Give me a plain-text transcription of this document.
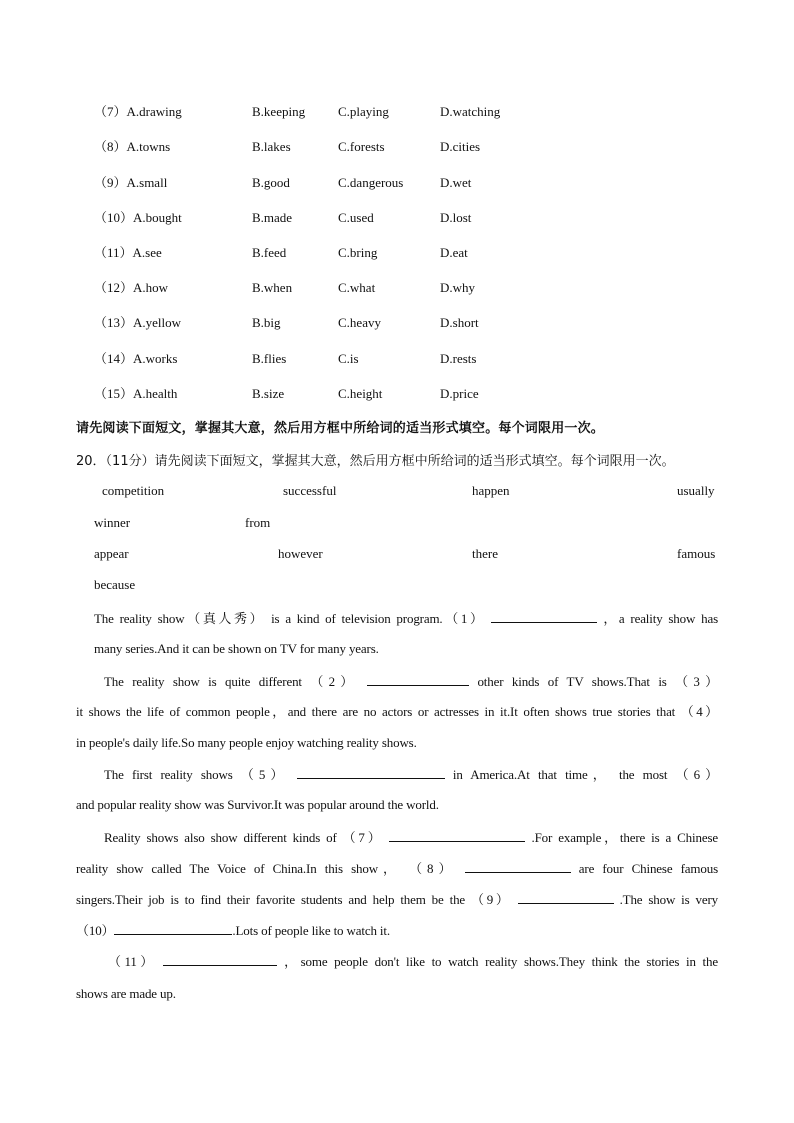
（7）A.drawing	B.keeping	C.playing	D.watching
（8）A.towns	B.lakes	C.forests	D.cities
（9）A.small	B.good	C.dangerous	D.wet
（10）A.bought	B.made	C.used	D.lost
（11）A.see	B.feed	C.bring	D.eat
（12）A.how	B.when	C.what	D.why
（13）A.yellow	B.big	C.heavy	D.short
（14）A.works	B.flies	C.is	D.rests
（15）A.health	B.size	C.height	D.price
请先阅读下面短文，掌握其大意，然后用方框中所给词的适当形式填空。每个词限用一次。
20．（11分）请先阅读下面短文，掌握其大意，然后用方框中所给词的适当形式填空。每个词限用一次。
competition	successful	happen	usually
winner	from
appear	however	there	famous
because
The reality show（真人秀） is a kind of television program.（1）	，a reality show has
many series.And it can be shown on TV for many years.
The reality show is quite different （2）	other kinds of TV shows.That is （3）
it shows the life of common people，and there are no actors or actresses in it.It often shows true stories that （4）
in people's daily life.So many people enjoy watching reality shows.
The first reality shows （5）	in America.At that time， the most （6）
and popular reality show was Survivor.It was popular around the world.
Reality shows also show different kinds of （7）	.For example，there is a Chinese
reality show called The Voice of China.In this show， （8）	are four Chinese famous
singers.Their job is to find their favorite students and help them be the （9）	.The show is very
（10）	.Lots of people like to watch it.
（11）	，some people don't like to watch reality shows.They think the stories in the
shows are made up.
